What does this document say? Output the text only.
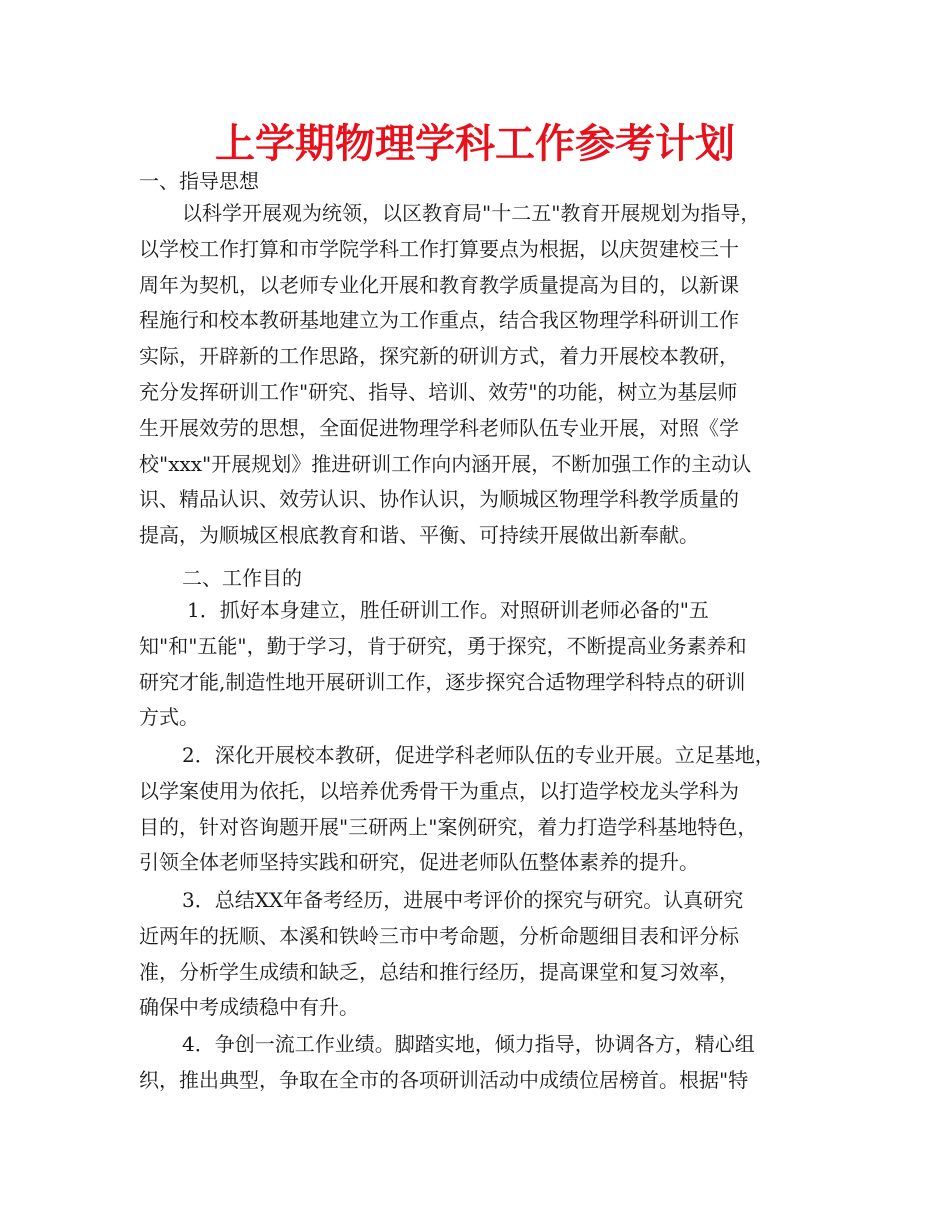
上学期物理学科工作参考计划

一、指导思想

以科学开展观为统领，以区教育局"十二五"教育开展规划为指导，
以学校工作打算和市学院学科工作打算要点为根据，以庆贺建校三十
周年为契机，以老师专业化开展和教育教学质量提高为目的，以新课
程施行和校本教研基地建立为工作重点，结合我区物理学科研训工作
实际，开辟新的工作思路，探究新的研训方式，着力开展校本教研，
充分发挥研训工作"研究、指导、培训、效劳"的功能，树立为基层师
生开展效劳的思想，全面促进物理学科老师队伍专业开展，对照《学
校"xxx"开展规划》推进研训工作向内涵开展，不断加强工作的主动认
识、精品认识、效劳认识、协作认识，为顺城区物理学科教学质量的
提高，为顺城区根底教育和谐、平衡、可持续开展做出新奉献。

二、工作目的

1．抓好本身建立，胜任研训工作。对照研训老师必备的"五
知"和"五能"，勤于学习，肯于研究，勇于探究，不断提高业务素养和
研究才能,制造性地开展研训工作，逐步探究合适物理学科特点的研训
方式。
2．深化开展校本教研，促进学科老师队伍的专业开展。立足基地，
以学案使用为依托，以培养优秀骨干为重点，以打造学校龙头学科为
目的，针对咨询题开展"三研两上"案例研究，着力打造学科基地特色，
引领全体老师坚持实践和研究，促进老师队伍整体素养的提升。
3．总结XX年备考经历，进展中考评价的探究与研究。认真研究
近两年的抚顺、本溪和铁岭三市中考命题，分析命题细目表和评分标
准，分析学生成绩和缺乏，总结和推行经历，提高课堂和复习效率，
确保中考成绩稳中有升。
4．争创一流工作业绩。脚踏实地，倾力指导，协调各方，精心组
织，推出典型，争取在全市的各项研训活动中成绩位居榜首。根据"特
